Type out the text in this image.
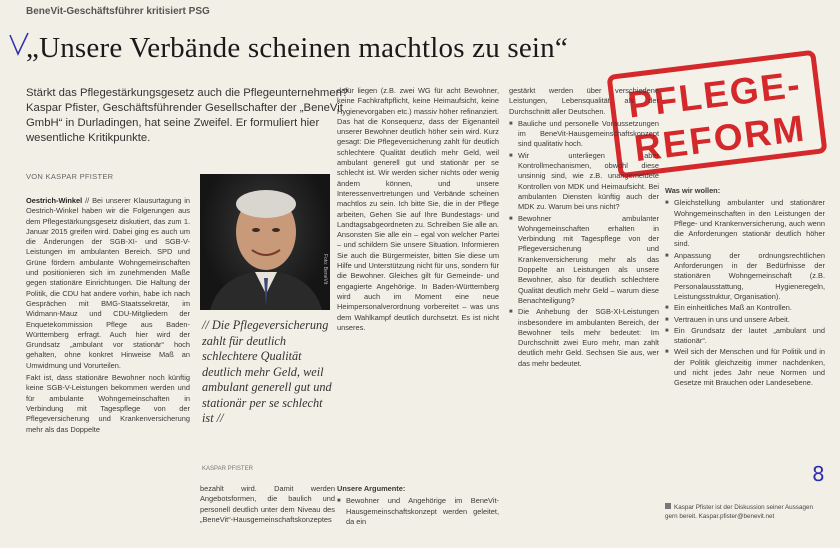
BeneVit-Geschäftsführer kritisiert PSG
„Unsere Verbände scheinen machtlos zu sein“
PFLEGE-
REFORM
Stärkt das Pflegestärkungsgesetz auch die Pflegeunternehmen? Kaspar Pfister, Geschäftsführender Gesellschafter der „BeneVit GmbH“ in Durladingen, hat seine Zweifel. Er formuliert hier wesentliche Kritikpunkte.
VON KASPAR PFISTER

Oestrich-Winkel // Bei unserer Klausurtagung in Oestrich-Winkel haben wir die Folgerungen aus dem Pflegestärkungsgesetz diskutiert, das zum 1. Januar 2015 greifen wird. Dabei ging es auch um die Änderungen der SGB-XI- und SGB-V-Leistungen im ambulanten Bereich. SPD und Grüne fördern ambulante Wohngemeinschaften und positionieren sich im zunehmenden Maße gegen stationäre Einrichtungen. Die Haltung der Politik, die CDU hat andere vorhin, habe ich nach Gesprächen mit BMG-Staatssekretär, im Widmann-Mauz und CDU-Mitgliedern der Enquetekommission Pflege aus Baden-Württemberg erfragt. Auch hier wird der Grundsatz „ambulant vor stationär“ hoch gehalten, ohne konkret Hinweise Maß an Umwidmung und Vorurteilen.

Fakt ist, dass stationäre Bewohner noch künftig keine SGB-V-Leistungen bekommen werden und für ambulante Wohngemeinschaften in Verbindung mit Tagespflege von der Pflegeversicherung und Krankenversicherung mehr als das Doppelte

Foto: BeneVit
// Die Pflegeversicherung zahlt für deutlich schlechtere Qualität deutlich mehr Geld, weil ambulant generell gut und stationär per se schlecht ist //
KASPAR PFISTER

dafür liegen (z.B. zwei WG für acht Bewohner, keine Fachkraftpflicht, keine Heimaufsicht, keine Hygienevorgaben etc.) massiv höher refinanziert. Das hat die Konsequenz, dass der Eigenanteil unserer Bewohner deutlich höher sein wird. Kurz gesagt: Die Pflegeversicherung zahlt für deutlich schlechtere Qualität deutlich mehr Geld, weil ambulant generell gut und stationär per se schlecht ist. Wir werden sicher nichts oder wenig ändern können, und unsere Interessenvertretungen und Verbände scheinen machtlos zu sein. Ich bitte Sie, die in der Pflege arbeiten, Gehen Sie auf Ihre Bundestags- und Landtagsabgeordneten zu. Schreiben Sie alle an. Ansonsten Sie alle ein – egal von welcher Partei – und schildern Sie unsere Situation. Informieren Sie auch die Bürgermeister, bitten Sie diese um Hilfe und Unterstützung nicht für uns, sondern für die Bewohner. Gleiches gilt für Gemeinde- und engagierte Angehörige. In Baden-Württemberg wird auch im Moment eine neue Heimpersonalverordnung vorbereitet – was uns dem Wahlkampf deutlich durchsetzt. Es ist nicht unseres.

bezahlt wird. Damit werden Angebotsformen, die baulich und personell deutlich unter dem Niveau des „BeneVit“-Hausgemeinschaftskonzeptes

Unsere Argumente:

■ Bewohner und Angehörige im BeneVit-Hausgemeinschaftskonzept werden geleitet, da ein

gestärkt werden über verschiedene Leistungen, Lebensqualität als der Durchschnitt aller Deutschen.

■ Bauliche und personelle Voraussetzungen im BeneVit-Hausgemeinschaftskonzept sind qualitativ hoch.
■ Wir unterliegen aber Kontrollmechanismen, obwohl diese unsinnig sind, wie z.B. unangemeldete Kontrollen von MDK und Heimaufsicht. Bei ambulanten Diensten künftig auch der MDK zu. Warum bei uns nicht?
■ Bewohner ambulanter Wohngemeinschaften erhalten in Verbindung mit Tagespflege von der Pflegeversicherung und Krankenversicherung mehr als das Doppelte an Leistungen als unsere Bewohner, also für deutlich schlechtere Qualität deutlich mehr Geld – warum diese Benachteiligung?
■ Die Anhebung der SGB-XI-Leistungen insbesondere im ambulanten Bereich, der Bewohner teils mehr bedeutet: Im Durchschnitt zwei Euro mehr, man zahlt deutlich mehr Geld. Sechsen Sie aus, wer das mehr bedeutet.

Was wir wollen:

■ Gleichstellung ambulanter und stationärer Wohngemeinschaften in den Leistungen der Pflege- und Krankenversicherung, auch wenn die Anforderungen stationär deutlich höher sind.
■ Anpassung der ordnungsrechtlichen Anforderungen in der Bedürfnisse der stationären Wohngemeinschaft (z.B. Personalausstattung, Hygieneregeln, Leistungsstruktur, Organisation).
■ Ein einheitliches Maß an Kontrollen.
■ Vertrauen in uns und unsere Arbeit.
■ Ein Grundsatz der lautet „ambulant und stationär“.
■ Weil sich der Menschen und für Politik und in der Politik gleichzeitig immer nachdenken, und nicht jedes Jahr neue Normen und Gesetze mit Brauchen oder Landesebene.
Kaspar Pfister ist der Diskussion seiner Aussagen gern bereit. Kaspar.pfister@benevit.net
8
